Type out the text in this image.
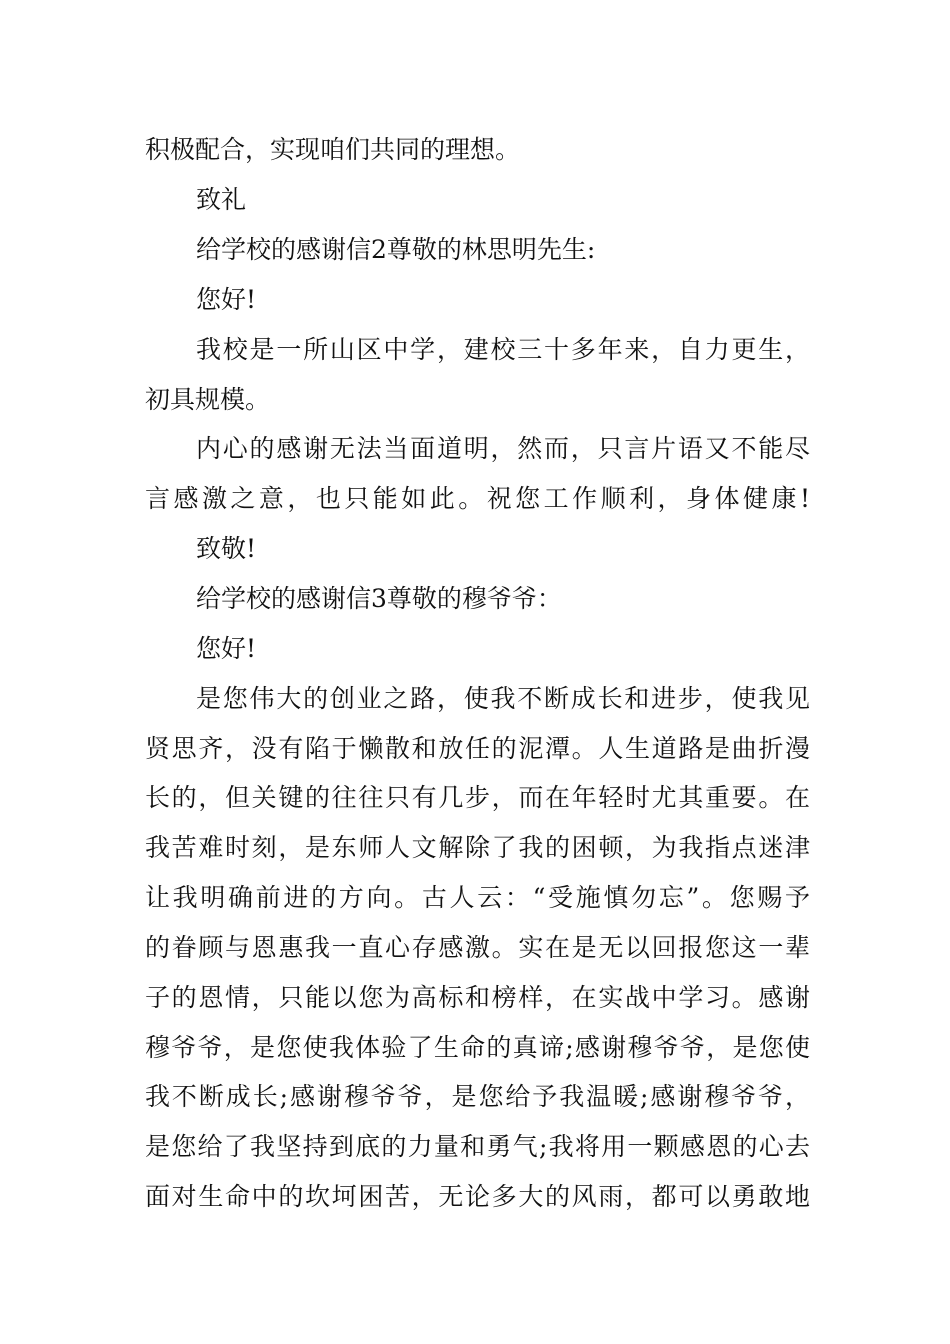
积极配合，实现咱们共同的理想。
致礼
给学校的感谢信2尊敬的林思明先生:
您好!
我校是一所山区中学，建校三十多年来，自力更生，
初具规模。
内心的感谢无法当面道明，然而，只言片语又不能尽
言感激之意，也只能如此。祝您工作顺利，身体健康!
致敬!
给学校的感谢信3尊敬的穆爷爷：
您好!
是您伟大的创业之路，使我不断成长和进步，使我见
贤思齐，没有陷于懒散和放任的泥潭。人生道路是曲折漫
长的，但关键的往往只有几步，而在年轻时尤其重要。在
我苦难时刻，是东师人文解除了我的困顿，为我指点迷津
让我明确前进的方向。古人云：“受施慎勿忘”。您赐予
的眷顾与恩惠我一直心存感激。实在是无以回报您这一辈
子的恩情，只能以您为高标和榜样，在实战中学习。感谢
穆爷爷，是您使我体验了生命的真谛;感谢穆爷爷，是您使
我不断成长;感谢穆爷爷，是您给予我温暖;感谢穆爷爷，
是您给了我坚持到底的力量和勇气;我将用一颗感恩的心去
面对生命中的坎坷困苦，无论多大的风雨，都可以勇敢地
